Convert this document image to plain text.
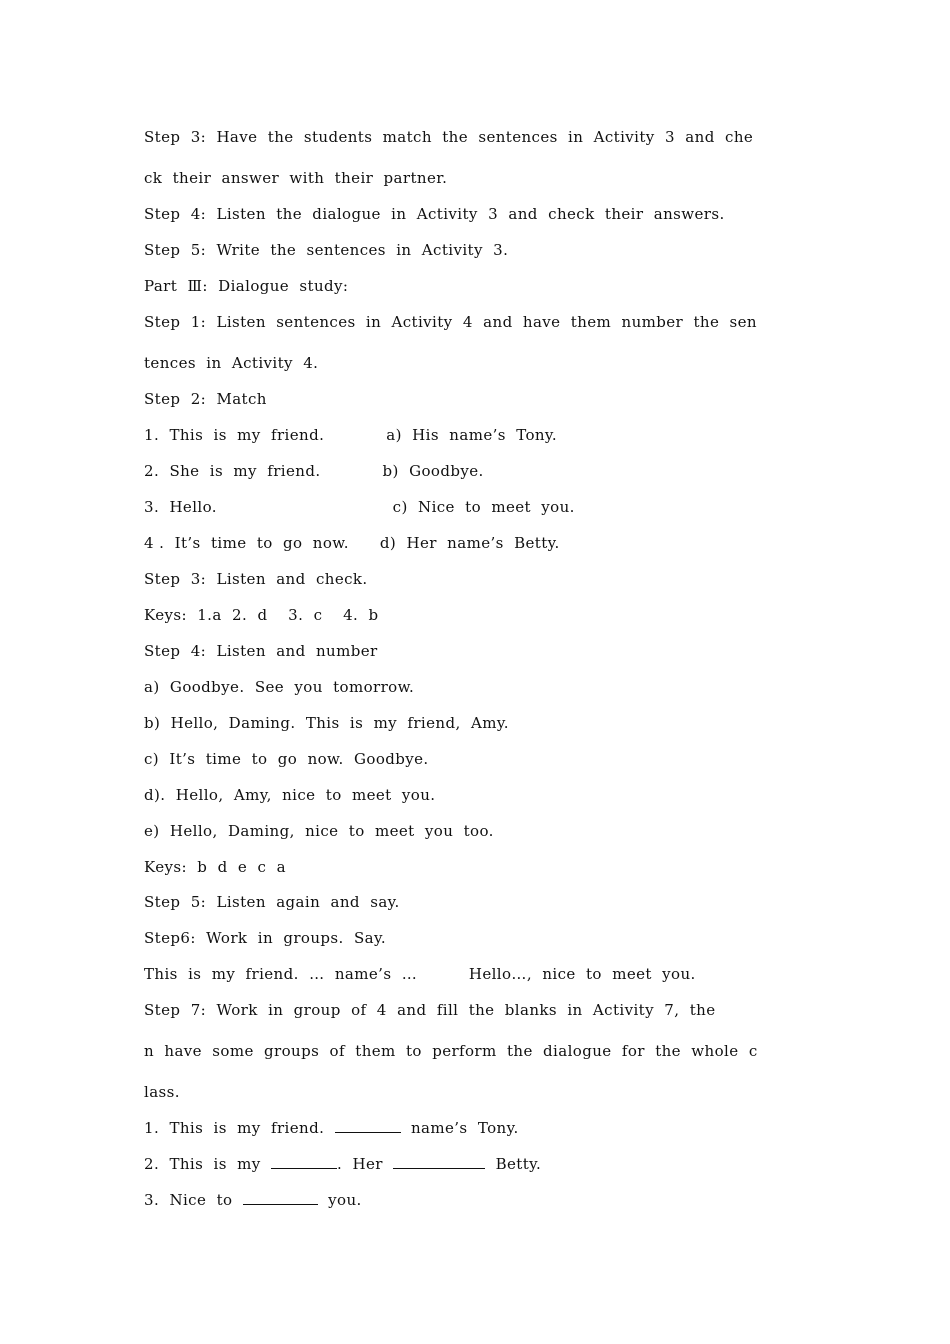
Step  3:  Have  the  students  match  the  sentences  in  Activity  3  and  che
ck  their  answer  with  their  partner.
Step  4:  Listen  the  dialogue  in  Activity  3  and  check  their  answers.
Step  5:  Write  the  sentences  in  Activity  3.
Part  Ⅲ:  Dialogue  study:
Step  1:  Listen  sentences  in  Activity  4  and  have  them  number  the  sen
tences  in  Activity  4.
Step  2:  Match
1.  This  is  my  friend.            a)  His  name’s  Tony.
2.  She  is  my  friend.            b)  Goodbye.
3.  Hello.                                  c)  Nice  to  meet  you.
4 .  It’s  time  to  go  now.      d)  Her  name’s  Betty.
Step  3:  Listen  and  check.
Keys:  1.a  2.  d    3.  c    4.  b
Step  4:  Listen  and  number
a)  Goodbye.  See  you  tomorrow.
b)  Hello,  Daming.  This  is  my  friend,  Amy.
c)  It’s  time  to  go  now.  Goodbye.
d).  Hello,  Amy,  nice  to  meet  you.
e)  Hello,  Daming,  nice  to  meet  you  too.
Keys:  b  d  e  c  a
Step  5:  Listen  again  and  say.
Step6:  Work  in  groups.  Say.
This  is  my  friend.  …  name’s  …          Hello…,  nice  to  meet  you.
Step  7:  Work  in  group  of  4  and  fill  the  blanks  in  Activity  7,  the
n  have  some  groups  of  them  to  perform  the  dialogue  for  the  whole  c
lass.
1.  This  is  my  friend.	name’s  Tony.
2.  This  is  my	.  Her	Betty.
3.  Nice  to	you.
